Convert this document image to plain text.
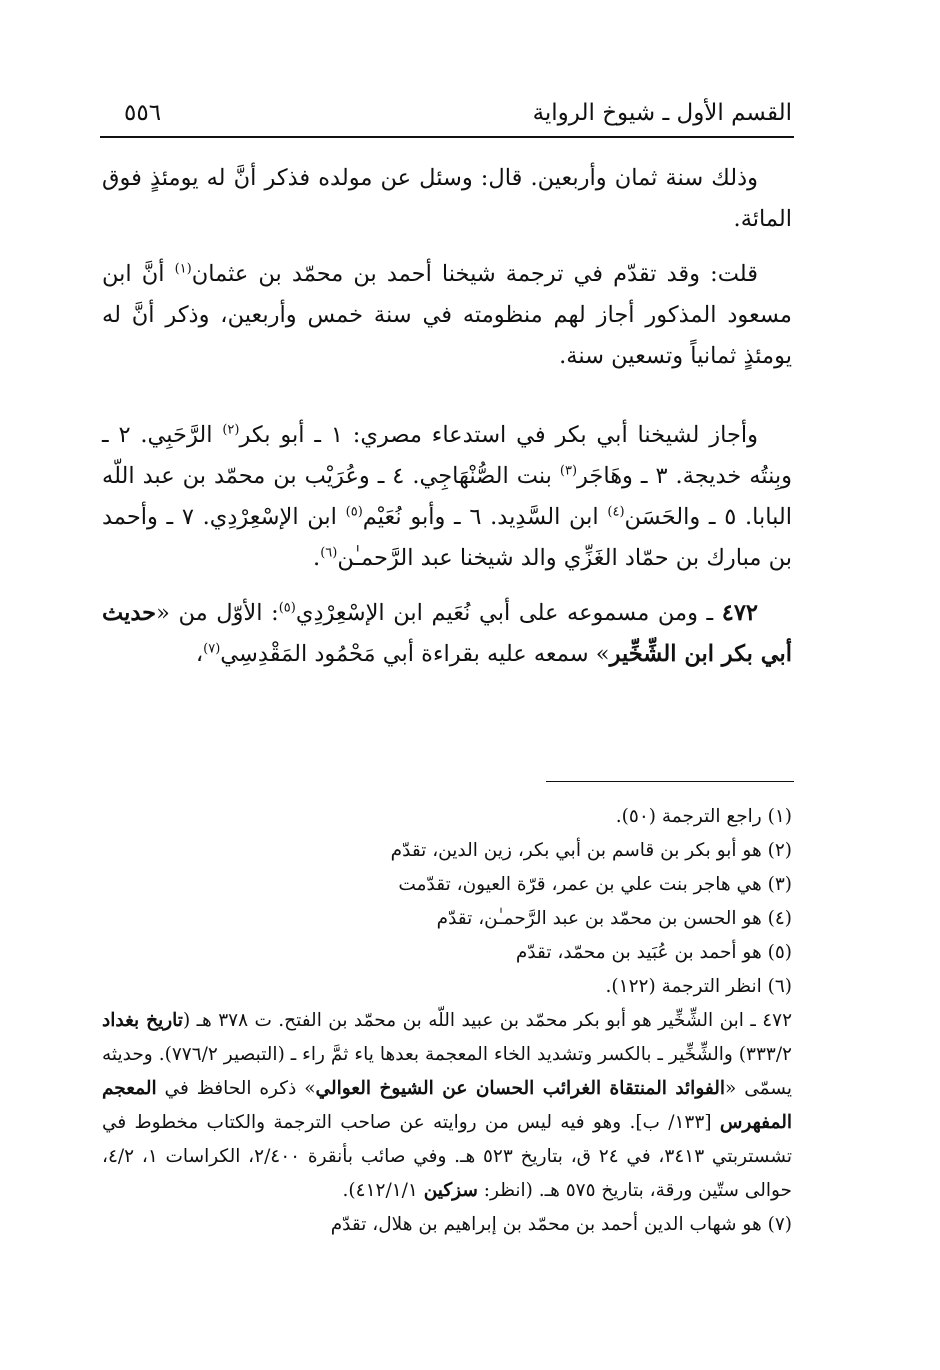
القسم الأول ـ شيوخ الرواية
٥٥٦

وذلك سنة ثمان وأربعين. قال: وسئل عن مولده فذكر أنَّ له يومئذٍ فوق المائة.

قلت: وقد تقدّم في ترجمة شيخنا أحمد بن محمّد بن عثمان$^{(١)}$ أنَّ ابن مسعود المذكور أجاز لهم منظومته في سنة خمس وأربعين، وذكر أنَّ له يومئذٍ ثمانياً وتسعين سنة.

وأجاز لشيخنا أبي بكر في استدعاء مصري: ١ ـ أبو بكر$^{(٢)}$ الرَّحَبِي. ٢ ـ وبِنتُه خديجة. ٣ ـ وهَاجَر$^{(٣)}$ بنت الصُّنْهَاجِي. ٤ ـ وعُرَيْب بن محمّد بن عبد اللّه البابا. ٥ ـ والحَسَن$^{(٤)}$ ابن السَّدِيد. ٦ ـ وأبو نُعَيْم$^{(٥)}$ ابن الإسْعِرْدِي. ٧ ـ وأحمد بن مبارك بن حمّاد الغَزِّي والد شيخنا عبد الرَّحمـٰن$^{(٦)}$.

٤٧٢ ـ ومن مسموعه على أبي نُعَيم ابن الإسْعِرْدِي$^{(٥)}$: الأوّل من «حديث أبي بكر ابن الشِّخِّير» سمعه عليه بقراءة أبي مَحْمُود المَقْدِسِي$^{(٧)}$،

(١) راجع الترجمة (٥٠).

(٢) هو أبو بكر بن قاسم بن أبي بكر، زين الدين، تقدّم

(٣) هي هاجر بنت علي بن عمر، قرّة العيون، تقدّمت

(٤) هو الحسن بن محمّد بن عبد الرَّحمـٰن، تقدّم

(٥) هو أحمد بن عُبَيد بن محمّد، تقدّم

(٦) انظر الترجمة (١٢٢).

٤٧٢ ـ ابن الشِّخِّير هو أبو بكر محمّد بن عبيد اللّه بن محمّد بن الفتح. ت ٣٧٨ هـ (تاريخ بغداد ٣٣٣/٢) والشِّخِّير ـ بالكسر وتشديد الخاء المعجمة بعدها ياء ثمَّ راء ـ (التبصير ٧٧٦/٢). وحديثه يسمّى «الفوائد المنتقاة الغرائب الحسان عن الشيوخ العوالي» ذكره الحافظ في المعجم المفهرس [١٣٣/ ب]. وهو فيه ليس من روايته عن صاحب الترجمة والكتاب مخطوط في تشستربتي ٣٤١٣، في ٢٤ ق، بتاريخ ٥٢٣ هـ. وفي صائب بأنقرة ٢/٤٠٠، الكراسات ١، ٤/٢، حوالى ستّين ورقة، بتاريخ ٥٧٥ هـ. (انظر: سزكين ٤١٢/١/١).

(٧) هو شهاب الدين أحمد بن محمّد بن إبراهيم بن هلال، تقدّم
